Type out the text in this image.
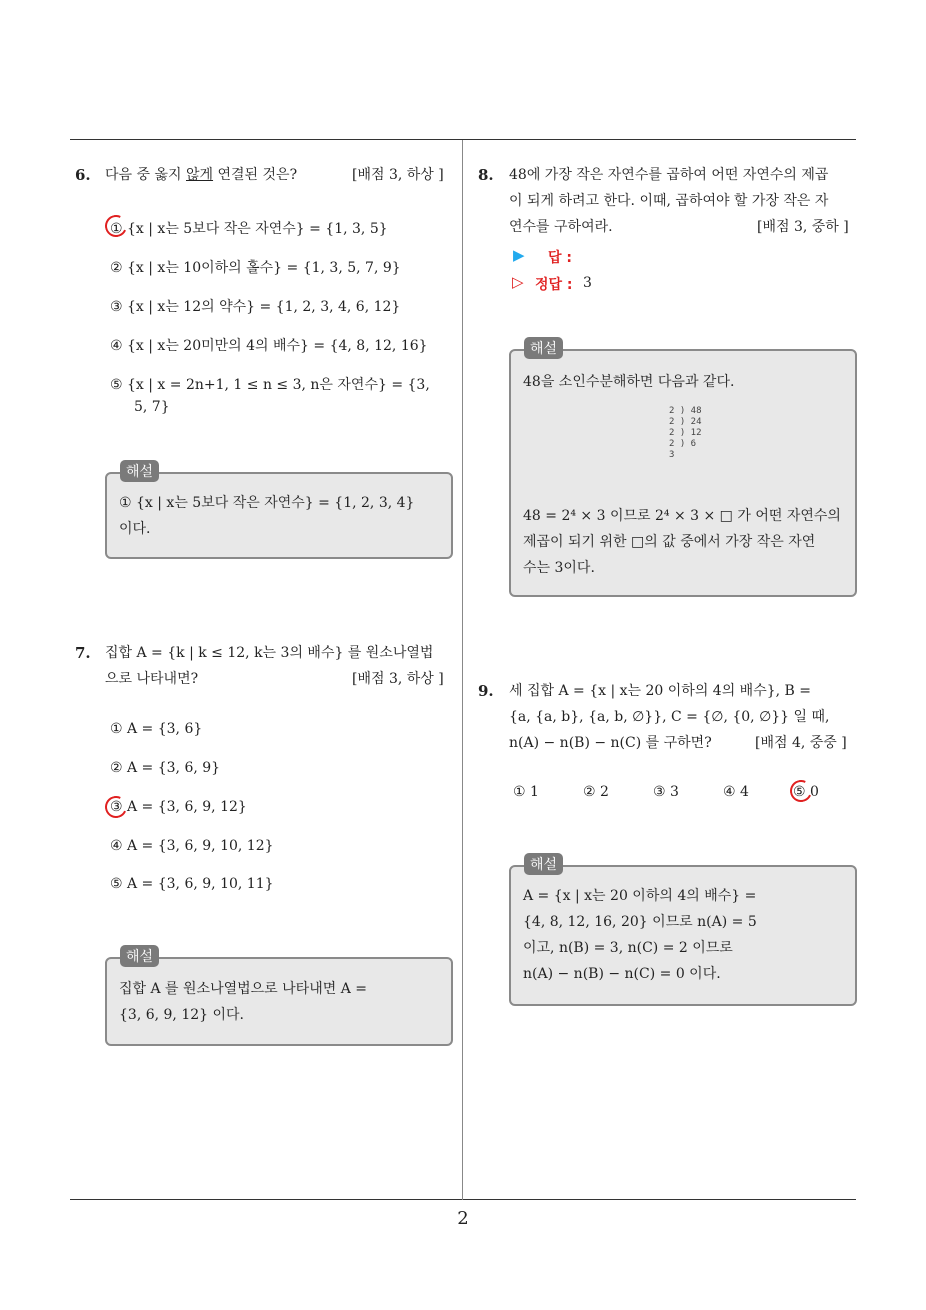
6. 다음 중 옳지 않게 연결된 것은?	[배점 3, 하상 ]
① {x | x는 5보다 작은 자연수} = {1, 3, 5}
② {x | x는 10이하의 홀수} = {1, 3, 5, 7, 9}
③ {x | x는 12의 약수} = {1, 2, 3, 4, 6, 12}
④ {x | x는 20미만의 4의 배수} = {4, 8, 12, 16}
⑤ {x | x = 2n+1, 1 ≤ n ≤ 3, n은 자연수} = {3,
5, 7}
① {x | x는 5보다 작은 자연수} = {1, 2, 3, 4}
이다.
해설
7. 집합 A = {k | k ≤ 12, k는 3의 배수} 를 원소나열법
으로 나타내면?	[배점 3, 하상 ]
① A = {3, 6}
② A = {3, 6, 9}
③ A = {3, 6, 9, 12}
④ A = {3, 6, 9, 10, 12}
⑤ A = {3, 6, 9, 10, 11}
집합 A 를 원소나열법으로 나타내면 A =
{3, 6, 9, 12} 이다.
해설
8. 48에 가장 작은 자연수를 곱하여 어떤 자연수의 제곱
이 되게 하려고 한다. 이때, 곱하여야 할 가장 작은 자
연수를 구하여라.	[배점 3, 중하 ]
▶ 답 :
▷ 정답 : 3
48을 소인수분해하면 다음과 같다.
2 ) 48
2 ) 24
2 ) 12
2 ) 6
3
48 = 2⁴ × 3 이므로 2⁴ × 3 × □ 가 어떤 자연수의
제곱이 되기 위한 □의 값 중에서 가장 작은 자연
수는 3이다.
해설
9. 세 집합 A = {x | x는 20 이하의 4의 배수}, B =
{a, {a, b}, {a, b, ∅}}, C = {∅, {0, ∅}} 일 때,
n(A) − n(B) − n(C) 를 구하면?	[배점 4, 중중 ]
① 1	② 2	③ 3	④ 4	⑤ 0
A = {x | x는 20 이하의 4의 배수} =
{4, 8, 12, 16, 20} 이므로 n(A) = 5
이고, n(B) = 3, n(C) = 2 이므로
n(A) − n(B) − n(C) = 0 이다.
해설
2
